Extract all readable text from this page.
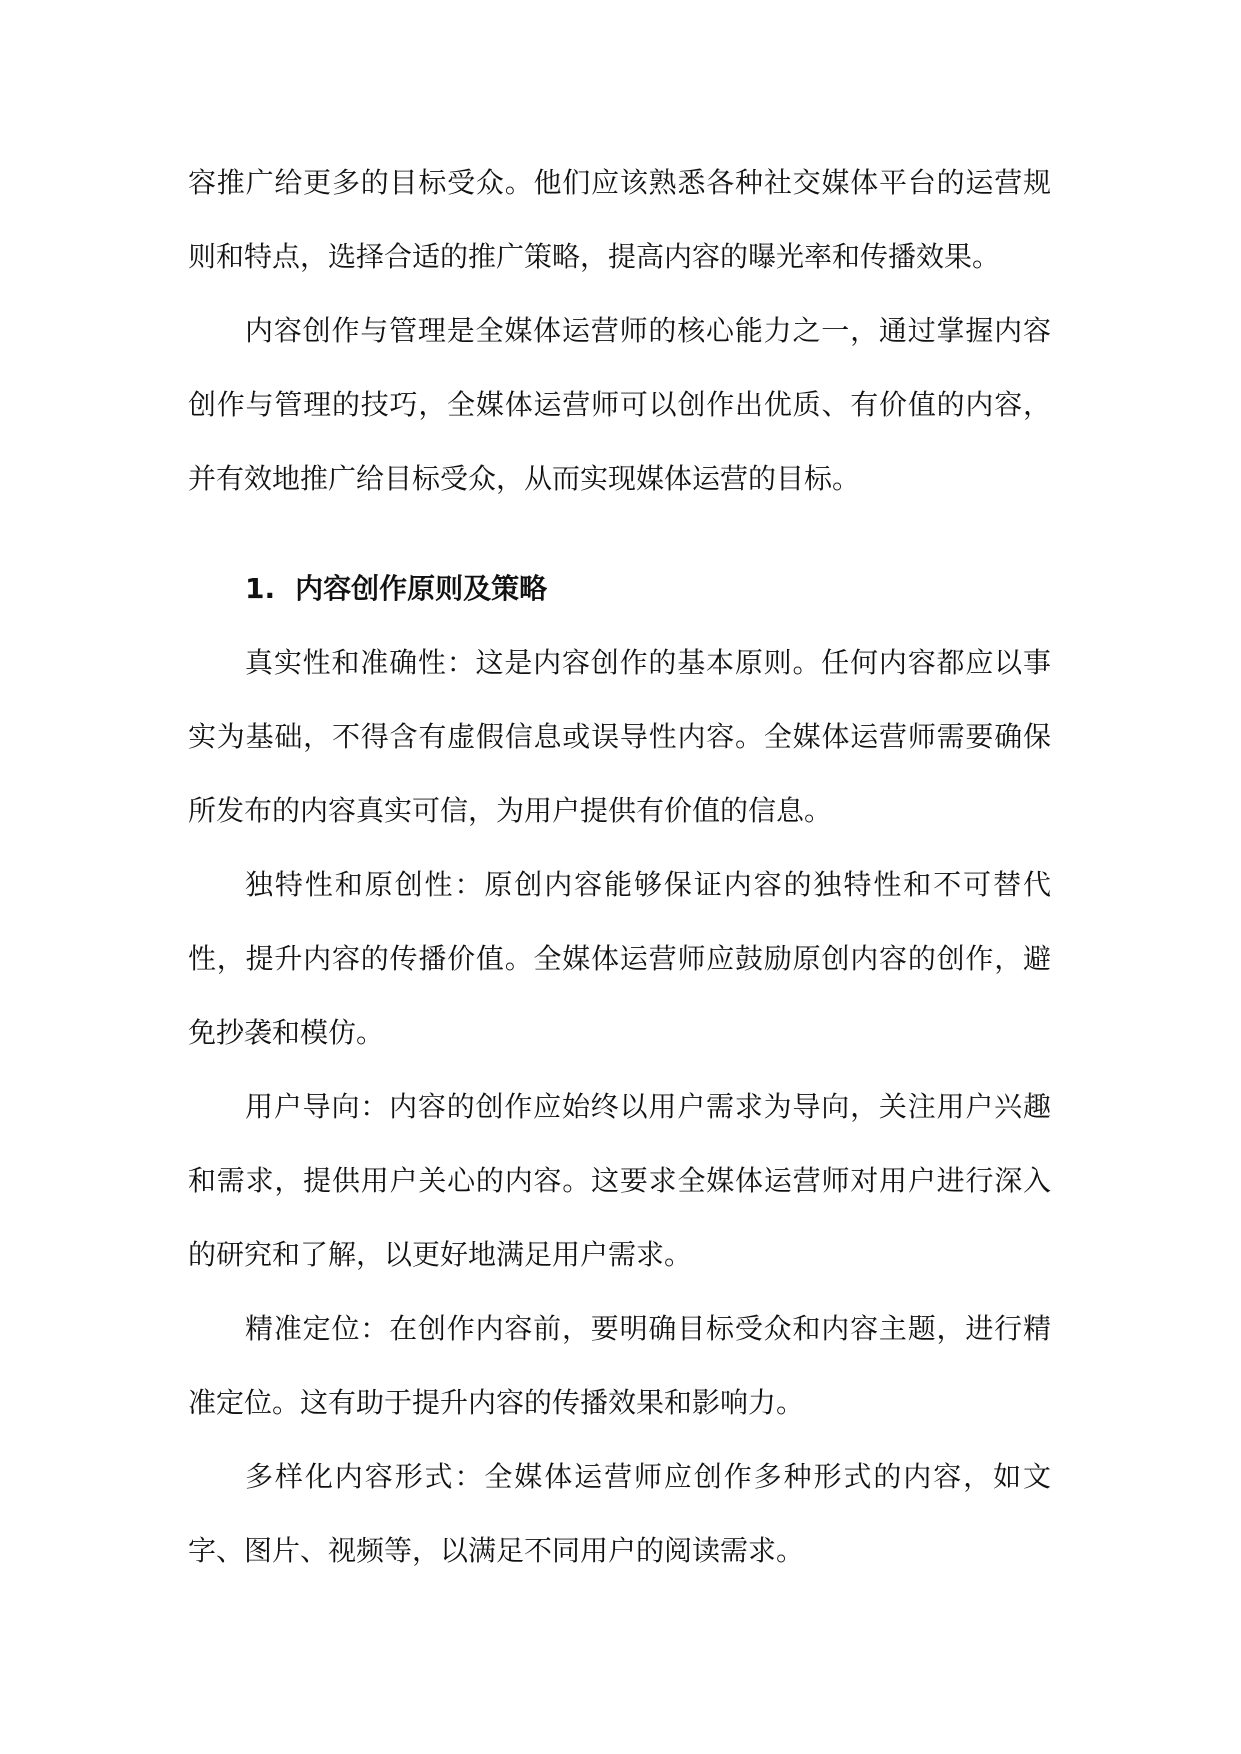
容推广给更多的目标受众。他们应该熟悉各种社交媒体平台的运营规则和特点，选择合适的推广策略，提高内容的曝光率和传播效果。

内容创作与管理是全媒体运营师的核心能力之一，通过掌握内容创作与管理的技巧，全媒体运营师可以创作出优质、有价值的内容，并有效地推广给目标受众，从而实现媒体运营的目标。

1. 内容创作原则及策略

真实性和准确性：这是内容创作的基本原则。任何内容都应以事实为基础，不得含有虚假信息或误导性内容。全媒体运营师需要确保所发布的内容真实可信，为用户提供有价值的信息。

独特性和原创性：原创内容能够保证内容的独特性和不可替代性，提升内容的传播价值。全媒体运营师应鼓励原创内容的创作，避免抄袭和模仿。

用户导向：内容的创作应始终以用户需求为导向，关注用户兴趣和需求，提供用户关心的内容。这要求全媒体运营师对用户进行深入的研究和了解，以更好地满足用户需求。

精准定位：在创作内容前，要明确目标受众和内容主题，进行精准定位。这有助于提升内容的传播效果和影响力。

多样化内容形式：全媒体运营师应创作多种形式的内容，如文字、图片、视频等，以满足不同用户的阅读需求。
